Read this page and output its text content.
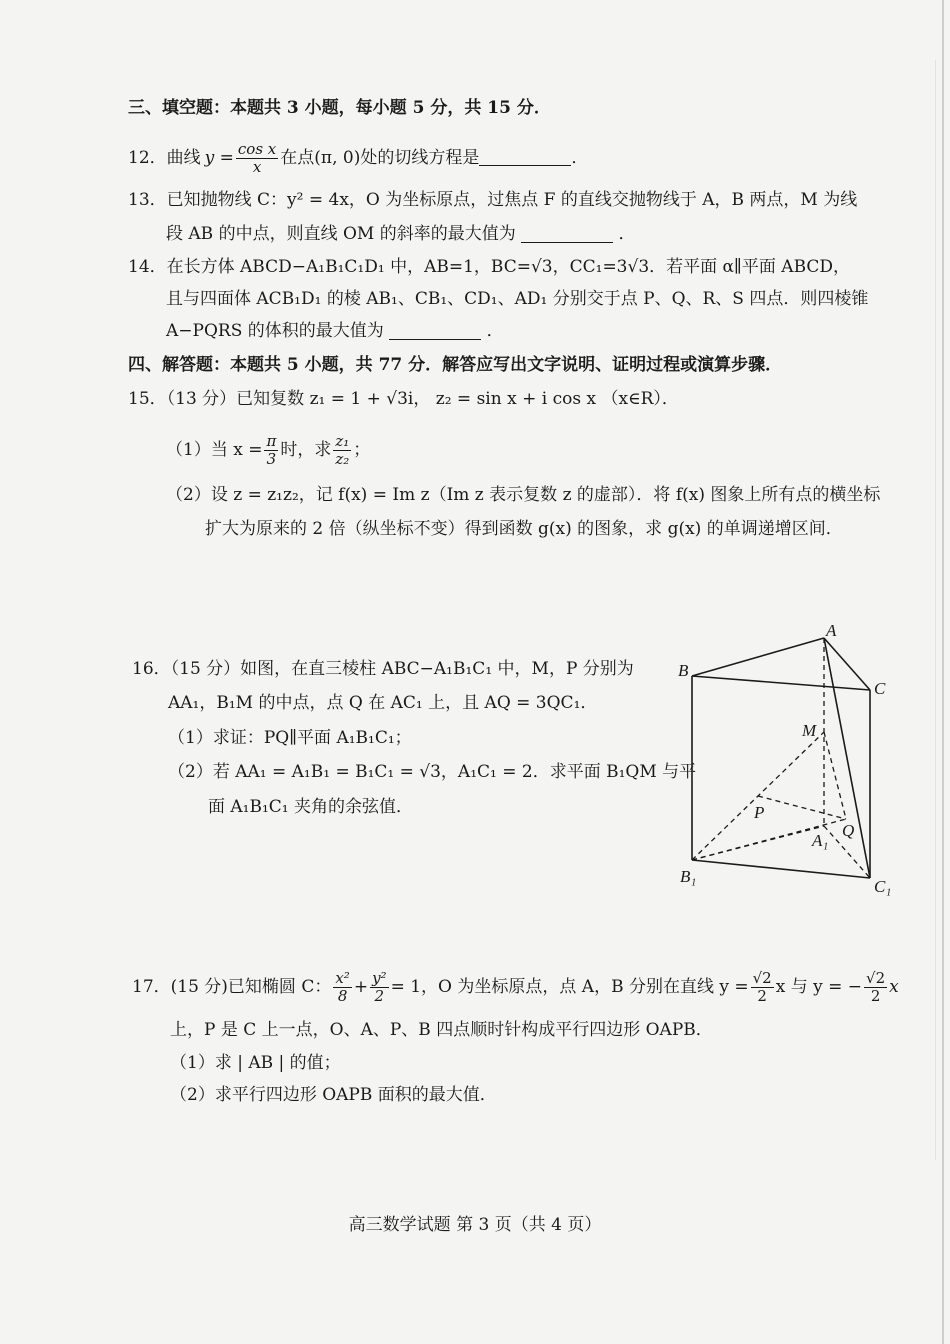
三、填空题：本题共 3 小题，每小题 5 分，共 15 分．
12． 曲线 $y = \frac{\text{cos x}}{x}$ 在点(π, 0)处的切线方程是	．
13．已知抛物线 C：y² = 4x，O 为坐标原点，过焦点 F 的直线交抛物线于 A，B 两点，M 为线
段 AB 的中点，则直线 OM 的斜率的最大值为	．
14．在长方体 ABCD−A₁B₁C₁D₁ 中，AB=1，BC=√3，CC₁=3√3．若平面 α∥平面 ABCD，
且与四面体 ACB₁D₁ 的棱 AB₁、CB₁、CD₁、AD₁ 分别交于点 P、Q、R、S 四点．则四棱锥
A−PQRS 的体积的最大值为	．
四、解答题：本题共 5 小题，共 77 分．解答应写出文字说明、证明过程或演算步骤．
15．（13 分）已知复数 z₁ = 1 + √3i， z₂ = sin x + i cos x （x∈R）．
（1）当 $x = \frac{\pi}{3}$ 时，求 $\frac{\text{z₁}}{\text{z₂}}$ ；
（2）设 z = z₁z₂，记 f(x) = Im z（Im z 表示复数 z 的虚部）．将 f(x) 图象上所有点的横坐标
扩大为原来的 2 倍（纵坐标不变）得到函数 g(x) 的图象，求 g(x) 的单调递增区间．
16．（15 分）如图，在直三棱柱 ABC−A₁B₁C₁ 中，M，P 分别为
AA₁，B₁M 的中点，点 Q 在 AC₁ 上，且 AQ = 3QC₁．
（1）求证：PQ∥平面 A₁B₁C₁；
（2）若 AA₁ = A₁B₁ = B₁C₁ = √3，A₁C₁ = 2．求平面 B₁QM 与平
面 A₁B₁C₁ 夹角的余弦值．
A
B
C
M
P
Q
A₁
B₁
C₁
17．(15 分)已知椭圆 C： $\frac{\text{x²}}{8} + \frac{\text{y²}}{2} = 1$，O 为坐标原点，点 A，B 分别在直线 $y = \frac{√2}{2}$ x 与 y = − $\frac{√2}{2}$ x
上，P 是 C 上一点，O、A、P、B 四点顺时针构成平行四边形 OAPB．
（1）求 | AB | 的值；
（2）求平行四边形 OAPB 面积的最大值．
高三数学试题 第 3 页（共 4 页）
